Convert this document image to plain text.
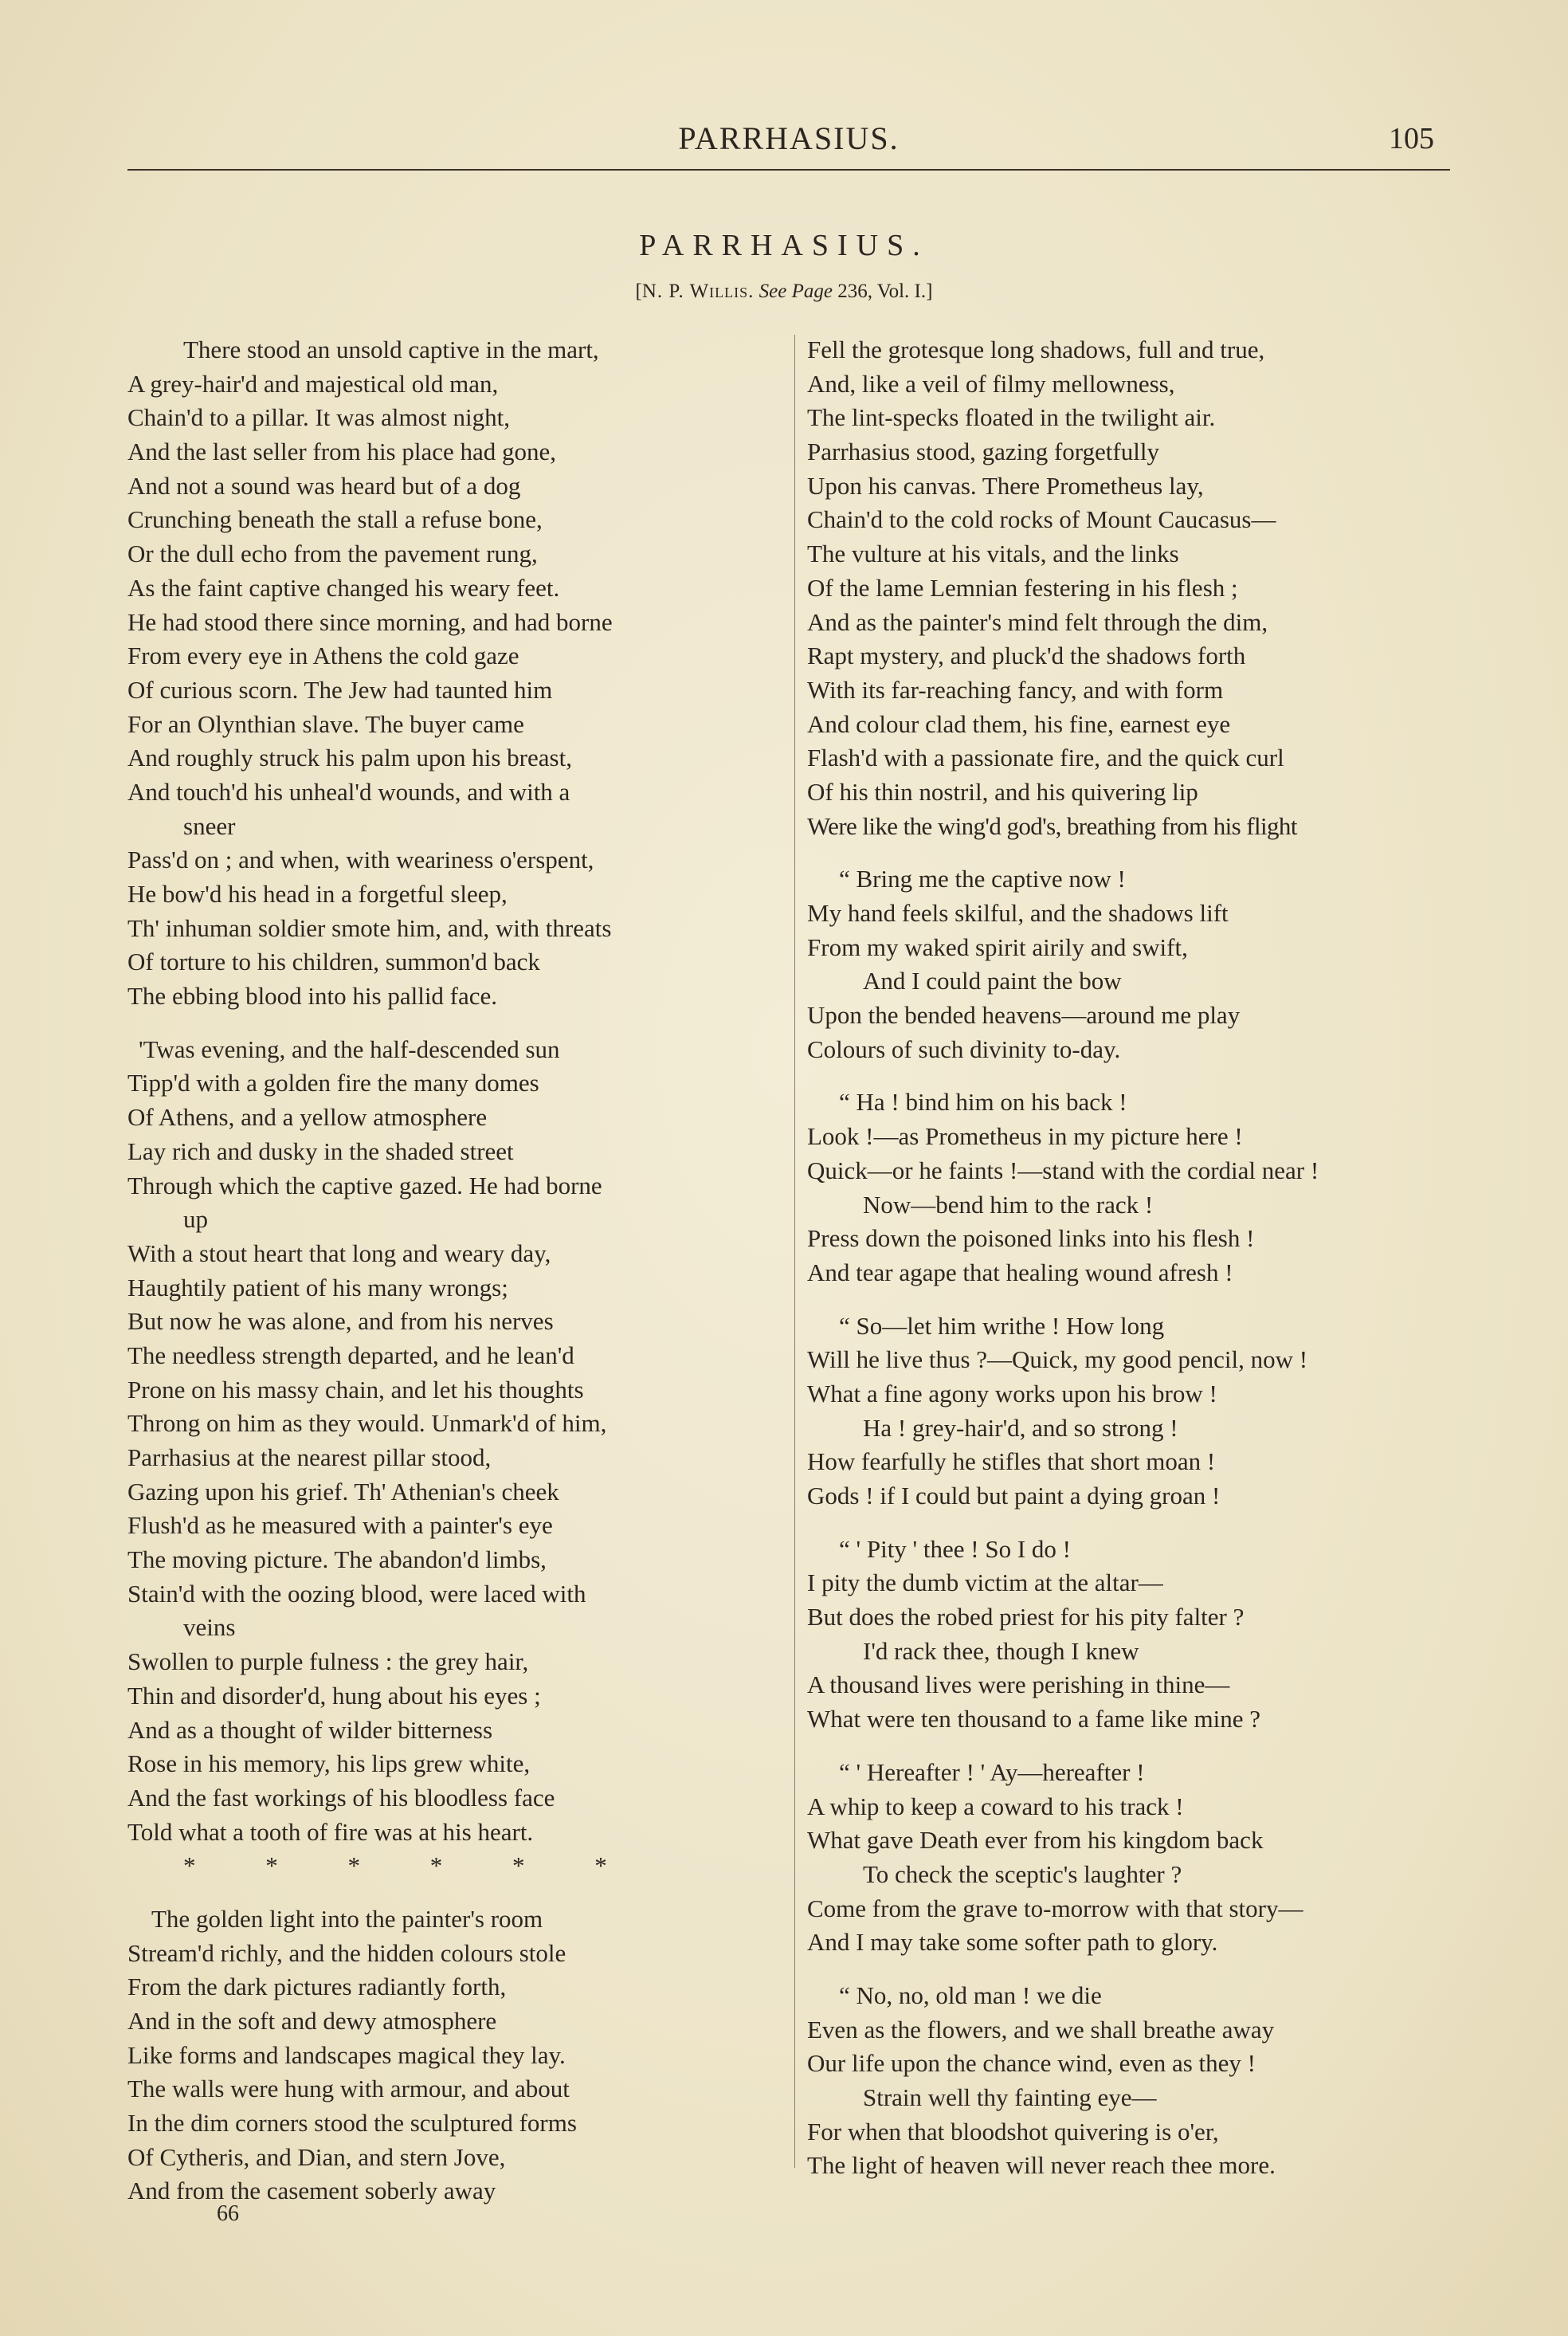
PARRHASIUS.	105
PARRHASIUS.
[N. P. Willis. See Page 236, Vol. I.]
There stood an unsold captive in the mart,
A grey-hair'd and majestical old man,
Chain'd to a pillar. It was almost night,
And the last seller from his place had gone,
And not a sound was heard but of a dog
Crunching beneath the stall a refuse bone,
Or the dull echo from the pavement rung,
As the faint captive changed his weary feet.
He had stood there since morning, and had borne
From every eye in Athens the cold gaze
Of curious scorn. The Jew had taunted him
For an Olynthian slave. The buyer came
And roughly struck his palm upon his breast,
And touch'd his unheal'd wounds, and with a
sneer
Pass'd on ; and when, with weariness o'erspent,
He bow'd his head in a forgetful sleep,
Th' inhuman soldier smote him, and, with threats
Of torture to his children, summon'd back
The ebbing blood into his pallid face.
'Twas evening, and the half-descended sun
Tipp'd with a golden fire the many domes
Of Athens, and a yellow atmosphere
Lay rich and dusky in the shaded street
Through which the captive gazed. He had borne
up
With a stout heart that long and weary day,
Haughtily patient of his many wrongs;
But now he was alone, and from his nerves
The needless strength departed, and he lean'd
Prone on his massy chain, and let his thoughts
Throng on him as they would. Unmark'd of him,
Parrhasius at the nearest pillar stood,
Gazing upon his grief. Th' Athenian's cheek
Flush'd as he measured with a painter's eye
The moving picture. The abandon'd limbs,
Stain'd with the oozing blood, were laced with
veins
Swollen to purple fulness : the grey hair,
Thin and disorder'd, hung about his eyes ;
And as a thought of wilder bitterness
Rose in his memory, his lips grew white,
And the fast workings of his bloodless face
Told what a tooth of fire was at his heart.
* * * * * *
The golden light into the painter's room
Stream'd richly, and the hidden colours stole
From the dark pictures radiantly forth,
And in the soft and dewy atmosphere
Like forms and landscapes magical they lay.
The walls were hung with armour, and about
In the dim corners stood the sculptured forms
Of Cytheris, and Dian, and stern Jove,
And from the casement soberly away
Fell the grotesque long shadows, full and true,
And, like a veil of filmy mellowness,
The lint-specks floated in the twilight air.
Parrhasius stood, gazing forgetfully
Upon his canvas. There Prometheus lay,
Chain'd to the cold rocks of Mount Caucasus—
The vulture at his vitals, and the links
Of the lame Lemnian festering in his flesh ;
And as the painter's mind felt through the dim,
Rapt mystery, and pluck'd the shadows forth
With its far-reaching fancy, and with form
And colour clad them, his fine, earnest eye
Flash'd with a passionate fire, and the quick curl
Of his thin nostril, and his quivering lip
Were like the wing'd god's, breathing from his flight
“ Bring me the captive now !
My hand feels skilful, and the shadows lift
From my waked spirit airily and swift,
And I could paint the bow
Upon the bended heavens—around me play
Colours of such divinity to-day.
“ Ha ! bind him on his back !
Look !—as Prometheus in my picture here !
Quick—or he faints !—stand with the cordial near !
Now—bend him to the rack !
Press down the poisoned links into his flesh !
And tear agape that healing wound afresh !
“ So—let him writhe ! How long
Will he live thus ?—Quick, my good pencil, now !
What a fine agony works upon his brow !
Ha ! grey-hair'd, and so strong !
How fearfully he stifles that short moan !
Gods ! if I could but paint a dying groan !
“ ' Pity ' thee ! So I do !
I pity the dumb victim at the altar—
But does the robed priest for his pity falter ?
I'd rack thee, though I knew
A thousand lives were perishing in thine—
What were ten thousand to a fame like mine ?
“ ' Hereafter ! ' Ay—hereafter !
A whip to keep a coward to his track !
What gave Death ever from his kingdom back
To check the sceptic's laughter ?
Come from the grave to-morrow with that story—
And I may take some softer path to glory.
“ No, no, old man ! we die
Even as the flowers, and we shall breathe away
Our life upon the chance wind, even as they !
Strain well thy fainting eye—
For when that bloodshot quivering is o'er,
The light of heaven will never reach thee more.
66
